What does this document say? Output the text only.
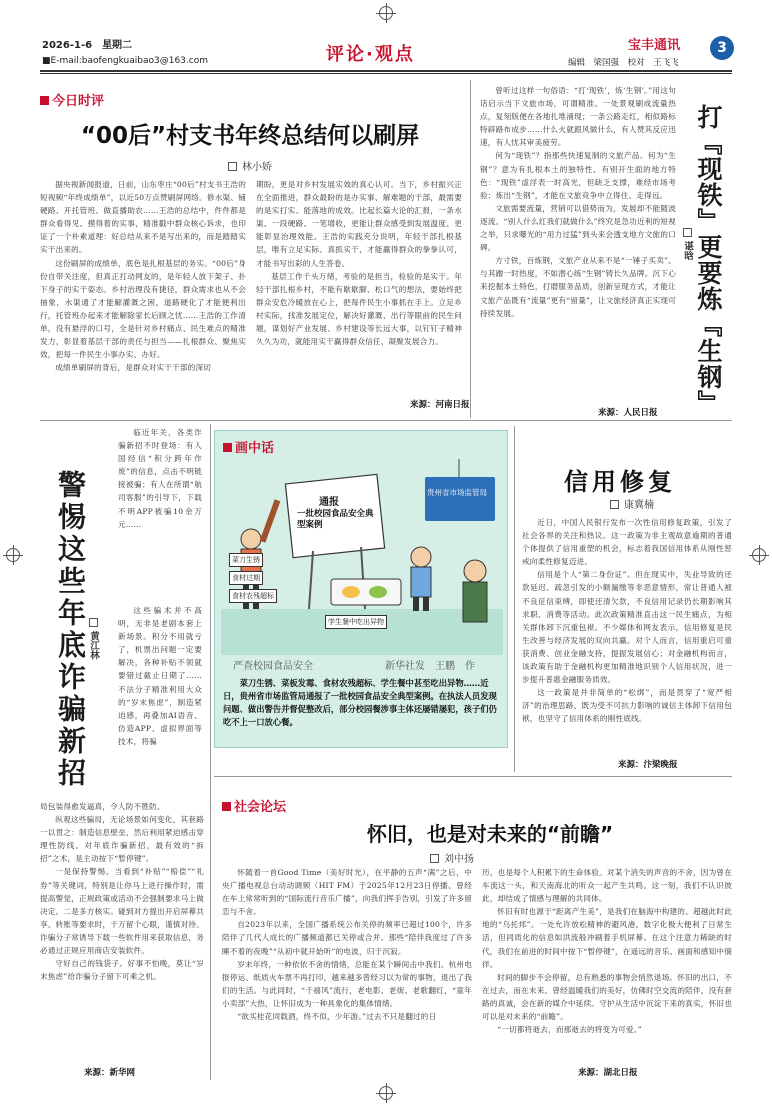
2026-1-6　 星期二
■E-mail:baofengkuaibao3@163.com	评论·观点	宝丰通讯
编辑　 梁国强　 校对　 王飞飞
3
今日时评
“00后”村支书年终总结何以刷屏
林小娇

据央视新闻报道，日前，山东枣庄“00后”村支书王浩的短视频“年终成绩单”，以近50万点赞刷屏网络。修水渠、铺硬路、开托管班、做直播助农……王浩的总结中，件件都是群众看得见、摸得着的实事，精准戳中群众核心诉求，也印证了一个朴素道理：好总结从来不是写出来的，而是踏踏实实干出来的。

这份刷屏的成绩单，底色是扎根基层的务实。“00后”身份自带关注度，但真正打动网友的，是年轻人放下架子、扑下身子的实干姿态。乡村治理没有捷径，群众需求也从不会抽象，水渠通了才能解灌溉之困，道路硬化了才能便利出行，托管班办起来才能解除家长后顾之忧……王浩的工作清单，没有悬浮的口号，全是针对乡村痛点、民生难点的精准发力，彰显着基层干部的责任与担当——扎根群众、聚焦实效，把每一件民生小事办实、办好。

成绩单刷屏的背后，是群众对实干干部的深切

期盼，更是对乡村发展实效的真心认可。当下，乡村振兴正在全面推进，群众最盼的是办实事、解难题的干部，最需要的是实打实、能落地的成效。比起长篇大论的汇报，一条水渠、一段硬路、一笔增收，更能让群众感受到发展温度、更能彰显治理效能。王浩的实践充分说明，年轻干部扎根基层，唯有立足实际、真抓实干，才能赢得群众的拳拳认可，才能书写出彩的人生答卷。

基层工作千头万绪，考验的是担当，检验的是实干。年轻干部扎根乡村，不能有歇歇脚、松口气的想法，要始终把群众安危冷暖放在心上，把每件民生小事抓在手上。立足乡村实际，找准发展定位，解决好灌溉、出行等眼前的民生问题，谋划好产业发展、乡村建设等长远大事，以钉钉子精神久久为功，就能用实干赢得群众信任、凝聚发展合力。

来源：河南日报

曾听过这样一句俗语：“打‘现铁’，炼‘生钢’。”用这句话启示当下文旅市场，可谓精准。一处景观刷成流量热点，复刻版便在各地扎堆涌现；一条公路走红，相似路标特辟路布成步……什么火就跟风做什么，有人赞其反应迅速，有人忧其审美疲劳。

何为“现铁”？指那些快速复制的文旅产品。何为“生钢”？意为有扎根本土的独特性、有别开生面的地方特色：“现铁”虚浮表一时高光，但缺乏支撑，难经市场考验；炼出“生钢”，才能在文旅竞争中立得住、走得远。

文旅需要流量，营销可以借势而为，发展却不能随波逐流。“别人什么红我们就做什么”终究是急功近利的短视之举，只求曝光的“用力过猛”到头来会透支地方文旅的口碑。

方寸铁，百炼钢，文旅产业从来不是“一锤子买卖”。与其蹭一时热度，不如潜心练“生钢”铸长久品牌。沉下心来挖掘本土特色，打磨服务品质，创新呈现方式，才能让文旅产品既有“流量”更有“留量”，让文旅经济真正实现可持续发展。

来源：人民日报 打『现铁』更要炼『生钢』
谌晗
警惕这些年底诈骗新招 黄江林

临近年关，各类诈骗新招不时登场：有人国经信“积分跨年作废”的信息，点击不明链接被骗；有人在所谓“航司客服”的引导下，下载不明APP被骗10余万元……

这些骗术并不高明，无非是老剧本套上新场景。积分不用就亏了，机票出问题一定要解决，各种补贴不领就要错过截止日期了……不法分子精准利用大众的“岁末焦虑”，制造紧迫感，再叠加AI语音、仿造APP、虚拟界面等技术，将骗

局包装得愈发逼真，令人防不胜防。

纵观这些骗局，无论场景如何变化，其套路一以贯之：制造信息壁垒，然后利用紧迫感击穿理性防线。对年底诈骗新招，最有效的“拆招”之术，是主动按下“暂停键”。

一是保持警惕。当看到“补贴”“赔偿”“礼券”等关键词，特别是让你马上进行操作时，需提高警觉，正规政策或活动不会强制要求马上做决定。二是多方核实。碰到对方提出开启屏幕共享、转账等要求时，千万留个心眼，谨慎对待。诈骗分子常诱导下载一些软件用来获取信息，务必通过正规应用商店安装软件。

守好自己的钱袋子。好事不怕晚，莫让“岁末焦虑”给诈骗分子留下可乘之机。

来源：新华网
画中话
通报
一批校园食品安全典型案例
贵州省市场监管局
菜刀生锈
食材过期
学生餐中吃出异物
食材农残超标
严查校园食品安全	新华社发　王鹏　作
菜刀生锈、菜板发霉、食材农残超标、学生餐中甚至吃出异物……近日，贵州省市场监管局通报了一批校园食品安全典型案例。在执法人员发现问题、做出警告并督促整改后，部分校园餐涉事主体还屡错屡犯，孩子们仍吃不上一口放心餐。
信用修复
康冀楠

近日，中国人民银行发布一次性信用修复政策，引发了社会各界的关注和热议。这一政策为非主观故意逾期的普通个体提供了信用重塑的机会，标志着我国信用体系从刚性惩戒向柔性修复迈进。

信用是个人“第二身份证”。但在现实中，失业导致的还款延迟、疏忽引发的小额漏缴等非恶意情形，常让普通人被不良征信束缚，即使还清欠款，不良信用记录仍长期影响其求职、消费等活动。此次政策精准直击这一民生痛点，为相关群体卸下沉重包袱。不少媒体和网友表示，信用修复是民生改善与经济发展的双向共赢。对个人而言，信用重启可重获消费、创业金融支持，提振发展信心；对金融机构而言，该政策有助于金融机构更加精准地识别个人信用状况，进一步提升普惠金融服务质效。

这一政策是并非简单的“松绑”，而是贯穿了“宽严相济”的治理思路，既为受不可抗力影响的诚信主体卸下信用包袱，也坚守了信用体系的刚性底线。

来源：汴梁晚报
社会论坛
怀旧，也是对未来的“前瞻”
刘中扬

怀随着一首Good Time（美好时光），在平静的五声“满”之后，中央广播电视总台动动调频（HIT FM）于2025年12月23日停播。曾经在车上常常听到的“国际流行音乐广播”，向我们挥手告别，引发了许多留恋与不舍。

自2023年以来，全国广播系统公布关停的频率已超过100个，许多陪伴了几代人成长的广播频道都已关停或合并。那些“陪伴我度过了许多睡不着的夜晚”“从初中就开始听”的电波，归于沉寂。

岁末年终，一种依依不舍的情绪，总能在某个瞬间击中我们。杭州电报停运、纸质火车票不再打印，越来越多曾经习以为常的事物，退出了我们的生活。与此同时，“千禧风”流行，老电影、老街、老歌翻红，“童年小卖部”大热，让怀旧成为一种具象化的集体情绪。

“欲买桂花同载酒，终不似，少年游。”过去不只是翻过的日

历，也是每个人积累下的生命体验。对某个消失的声音的不舍，因为曾在车流这一头，和天南海北的听众一起产生共鸣。这一刻，我们不认识彼此，却结成了情感与理解的共同体。

怀旧有时也源于“距离产生美”，是我们在脑海中构建的、超越此时此地的“乌托邦”。一处允许放松精神的避风港。数字化极大便利了日常生活，但同质化的信息如洪流般冲刷着手机屏幕。在这个注意力稀缺的时代，我们在前进的时间中按下“暂停键”，在遥远的音乐、画面和感知中徜徉。

时间的脚步不会停留，总有熟悉的事物会悄然退场。怀旧的出口，不在过去，而在未来。曾经温暖我们的美好，仿佛时空交流的陪伴，没有套路的真诚，会在新的媒介中延续。守护从生活中沉淀下来的真实，怀旧也可以是对未来的“前瞻”。

“一切都将逝去，而那逝去的将变为可爱。”

来源：湖北日报
